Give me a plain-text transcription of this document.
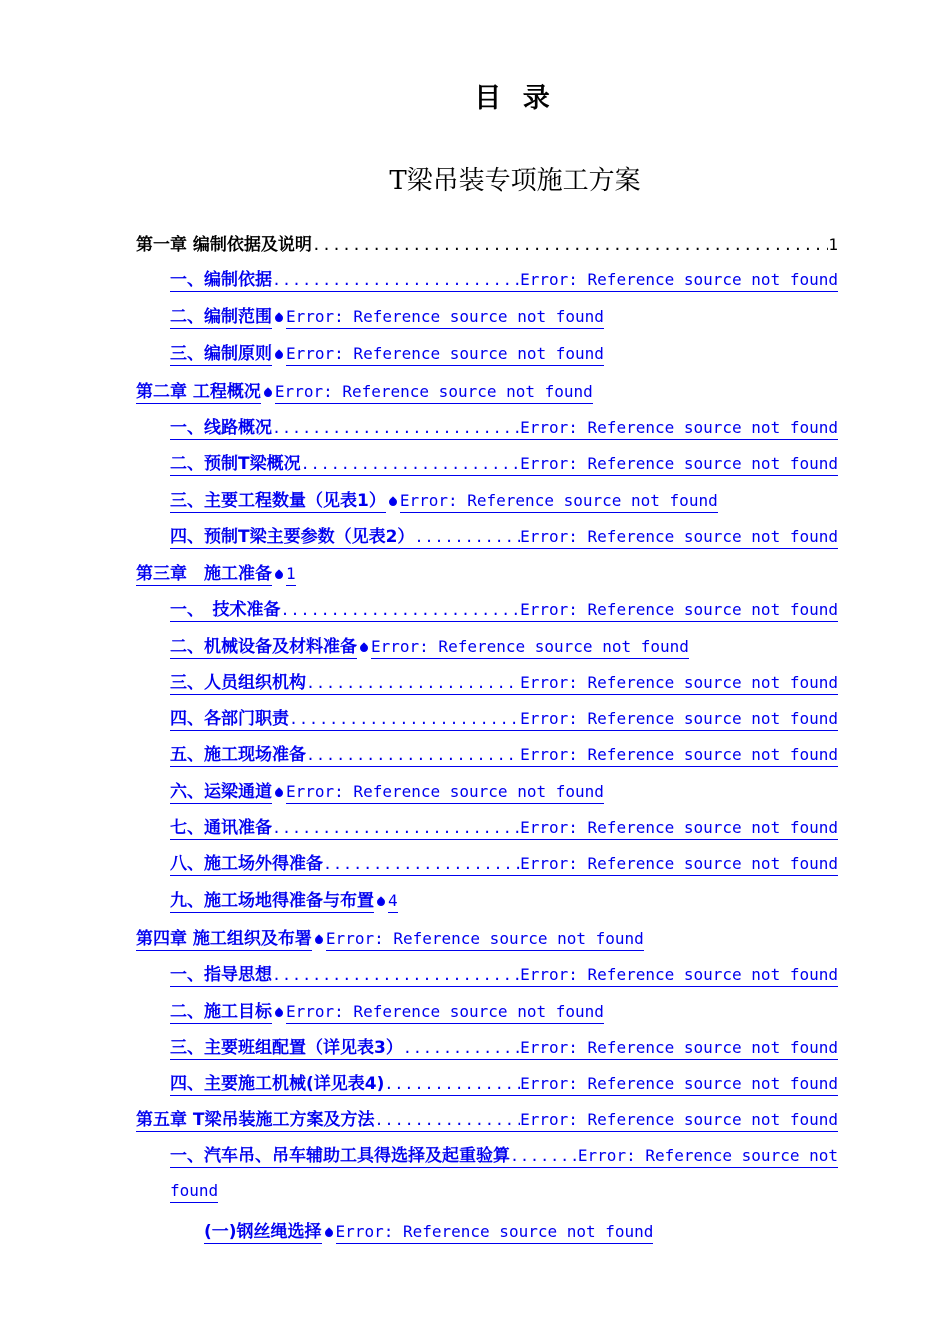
目 录
T梁吊装专项施工方案
第一章 编制依据及说明 .....	1
一、编制依据 .....	Error: Reference source not found
二、编制范围 Error: Reference source not found
三、编制原则 Error: Reference source not found
第二章 工程概况 Error: Reference source not found
一、线路概况 .....	Error: Reference source not found
二、预制T梁概况 .....	Error: Reference source not found
三、主要工程数量（见表1） Error: Reference source not found
四、预制T梁主要参数（见表2） .....	Error: Reference source not found
第三章　施工准备 1
一、　技术准备 .....	Error: Reference source not found
二、机械设备及材料准备 Error: Reference source not found
三、人员组织机构 .....	Error: Reference source not found
四、各部门职责 .....	Error: Reference source not found
五、施工现场准备 .....	Error: Reference source not found
六、运梁通道 Error: Reference source not found
七、通讯准备 .....	Error: Reference source not found
八、施工场外得准备 .....	Error: Reference source not found
九、施工场地得准备与布置 4
第四章 施工组织及布署 Error: Reference source not found
一、指导思想 .....	Error: Reference source not found
二、施工目标 Error: Reference source not found
三、主要班组配置（详见表3） .....	Error: Reference source not found
四、主要施工机械(详见表4) .....	Error: Reference source not found
第五章 T梁吊装施工方案及方法 .....	Error: Reference source not found
一、汽车吊、吊车辅助工具得选择及起重验算 .....	Error: Reference source not
found
(一)钢丝绳选择 Error: Reference source not found
